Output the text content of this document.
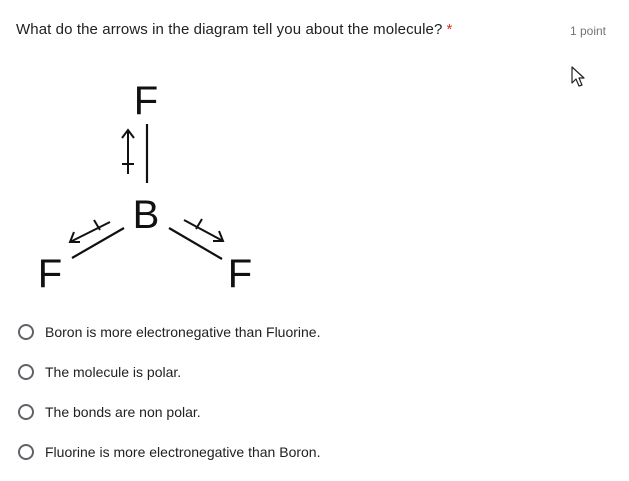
What do the arrows in the diagram tell you about the molecule? *	1 point
F
B
F	F
Boron is more electronegative than Fluorine.
The molecule is polar.
The bonds are non polar.
Fluorine is more electronegative than Boron.
